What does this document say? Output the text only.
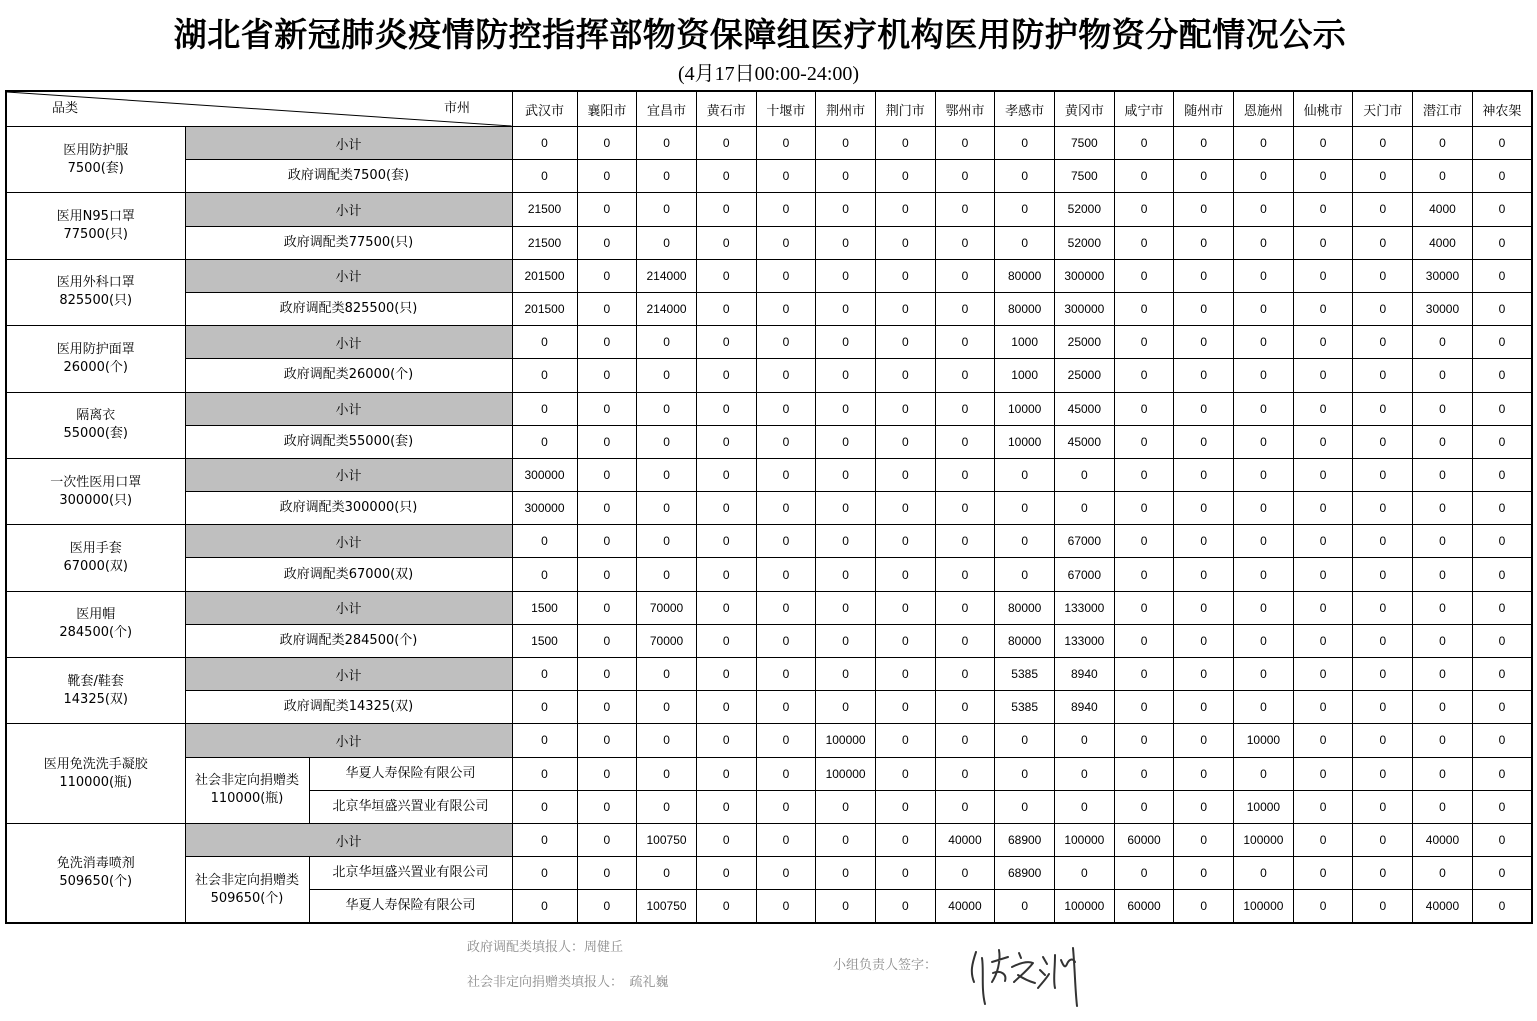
湖北省新冠肺炎疫情防控指挥部物资保障组医疗机构医用防护物资分配情况公示
(4月17日00:00-24:00)
品类 市州			武汉市	襄阳市	宜昌市	黄石市	十堰市	荆州市	荆门市	鄂州市	孝感市	黄冈市	咸宁市	随州市	恩施州	仙桃市	天门市	潜江市	神农架

医用防护服
7500(套)	小计		0	0	0	0	0	0	0	0	0	7500	0	0	0	0	0	0	0
	政府调配类7500(套)		0	0	0	0	0	0	0	0	0	7500	0	0	0	0	0	0	0

医用N95口罩
77500(只)	小计		21500	0	0	0	0	0	0	0	0	52000	0	0	0	0	0	4000	0
	政府调配类77500(只)		21500	0	0	0	0	0	0	0	0	52000	0	0	0	0	0	4000	0

医用外科口罩
825500(只)	小计		201500	0	214000	0	0	0	0	0	80000	300000	0	0	0	0	0	30000	0
	政府调配类825500(只)		201500	0	214000	0	0	0	0	0	80000	300000	0	0	0	0	0	30000	0

医用防护面罩
26000(个)	小计		0	0	0	0	0	0	0	0	1000	25000	0	0	0	0	0	0	0
	政府调配类26000(个)		0	0	0	0	0	0	0	0	1000	25000	0	0	0	0	0	0	0

隔离衣
55000(套)	小计		0	0	0	0	0	0	0	0	10000	45000	0	0	0	0	0	0	0
	政府调配类55000(套)		0	0	0	0	0	0	0	0	10000	45000	0	0	0	0	0	0	0

一次性医用口罩
300000(只)	小计		300000	0	0	0	0	0	0	0	0	0	0	0	0	0	0	0	0
	政府调配类300000(只)		300000	0	0	0	0	0	0	0	0	0	0	0	0	0	0	0	0

医用手套
67000(双)	小计		0	0	0	0	0	0	0	0	0	67000	0	0	0	0	0	0	0
	政府调配类67000(双)		0	0	0	0	0	0	0	0	0	67000	0	0	0	0	0	0	0

医用帽
284500(个)	小计		1500	0	70000	0	0	0	0	0	80000	133000	0	0	0	0	0	0	0
	政府调配类284500(个)		1500	0	70000	0	0	0	0	0	80000	133000	0	0	0	0	0	0	0

靴套/鞋套
14325(双)	小计		0	0	0	0	0	0	0	0	5385	8940	0	0	0	0	0	0	0
	政府调配类14325(双)		0	0	0	0	0	0	0	0	5385	8940	0	0	0	0	0	0	0

医用免洗洗手凝胶
110000(瓶)	小计		0	0	0	0	0	100000	0	0	0	0	0	0	10000	0	0	0	0

	社会非定向捐赠类
110000(瓶)	华夏人寿保险有限公司	0	0	0	0	0	100000	0	0	0	0	0	0	0	0	0	0	0
		北京华垣盛兴置业有限公司	0	0	0	0	0	0	0	0	0	0	0	0	10000	0	0	0	0

免洗消毒喷剂
509650(个)	小计		0	0	100750	0	0	0	0	40000	68900	100000	60000	0	100000	0	0	40000	0

	社会非定向捐赠类
509650(个)	北京华垣盛兴置业有限公司	0	0	0	0	0	0	0	0	68900	0	0	0	0	0	0	0	0
		华夏人寿保险有限公司	0	0	100750	0	0	0	0	40000	0	100000	60000	0	100000	0	0	40000	0
政府调配类填报人：周健丘
社会非定向捐赠类填报人：  疏礼巍
小组负责人签字：
